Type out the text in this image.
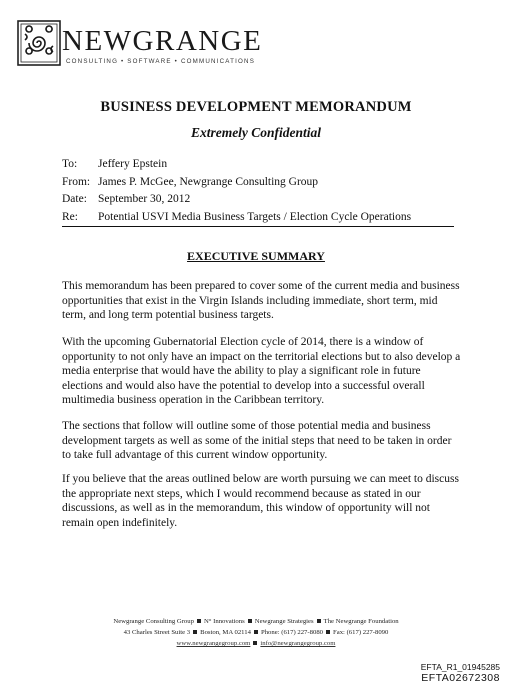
NEWGRANGE
CONSULTING • SOFTWARE • COMMUNICATIONS
BUSINESS DEVELOPMENT MEMORANDUM
Extremely Confidential
To:	Jeffery Epstein
From: James P. McGee, Newgrange Consulting Group
Date: September 30, 2012
Re:	Potential USVI Media Business Targets / Election Cycle Operations
EXECUTIVE SUMMARY

This memorandum has been prepared to cover some of the current media and business opportunities that exist in the Virgin Islands including immediate, short term, mid term, and long term potential business targets.

With the upcoming Gubernatorial Election cycle of 2014, there is a window of opportunity to not only have an impact on the territorial elections but to also develop a media enterprise that would have the ability to play a significant role in future elections and would also have the potential to develop into a successful overall multimedia business operation in the Caribbean territory.

The sections that follow will outline some of those potential media and business development targets as well as some of the initial steps that need to be taken in order to take full advantage of this current window opportunity.

If you believe that the areas outlined below are worth pursuing we can meet to discuss the appropriate next steps, which I would recommend because as stated in our discussions, as well as in the memorandum, this window of opportunity will not remain open indefinitely.

Newgrange Consulting Group N° Innovations Newgrange Strategies The Newgrange Foundation
43 Charles Street Suite 3 Boston, MA 02114 Phone: (617) 227-8080 Fax: (617) 227-8090
www.newgrangegroup.com info@newgrangegroup.com
EFTA_R1_01945285
EFTA02672308
